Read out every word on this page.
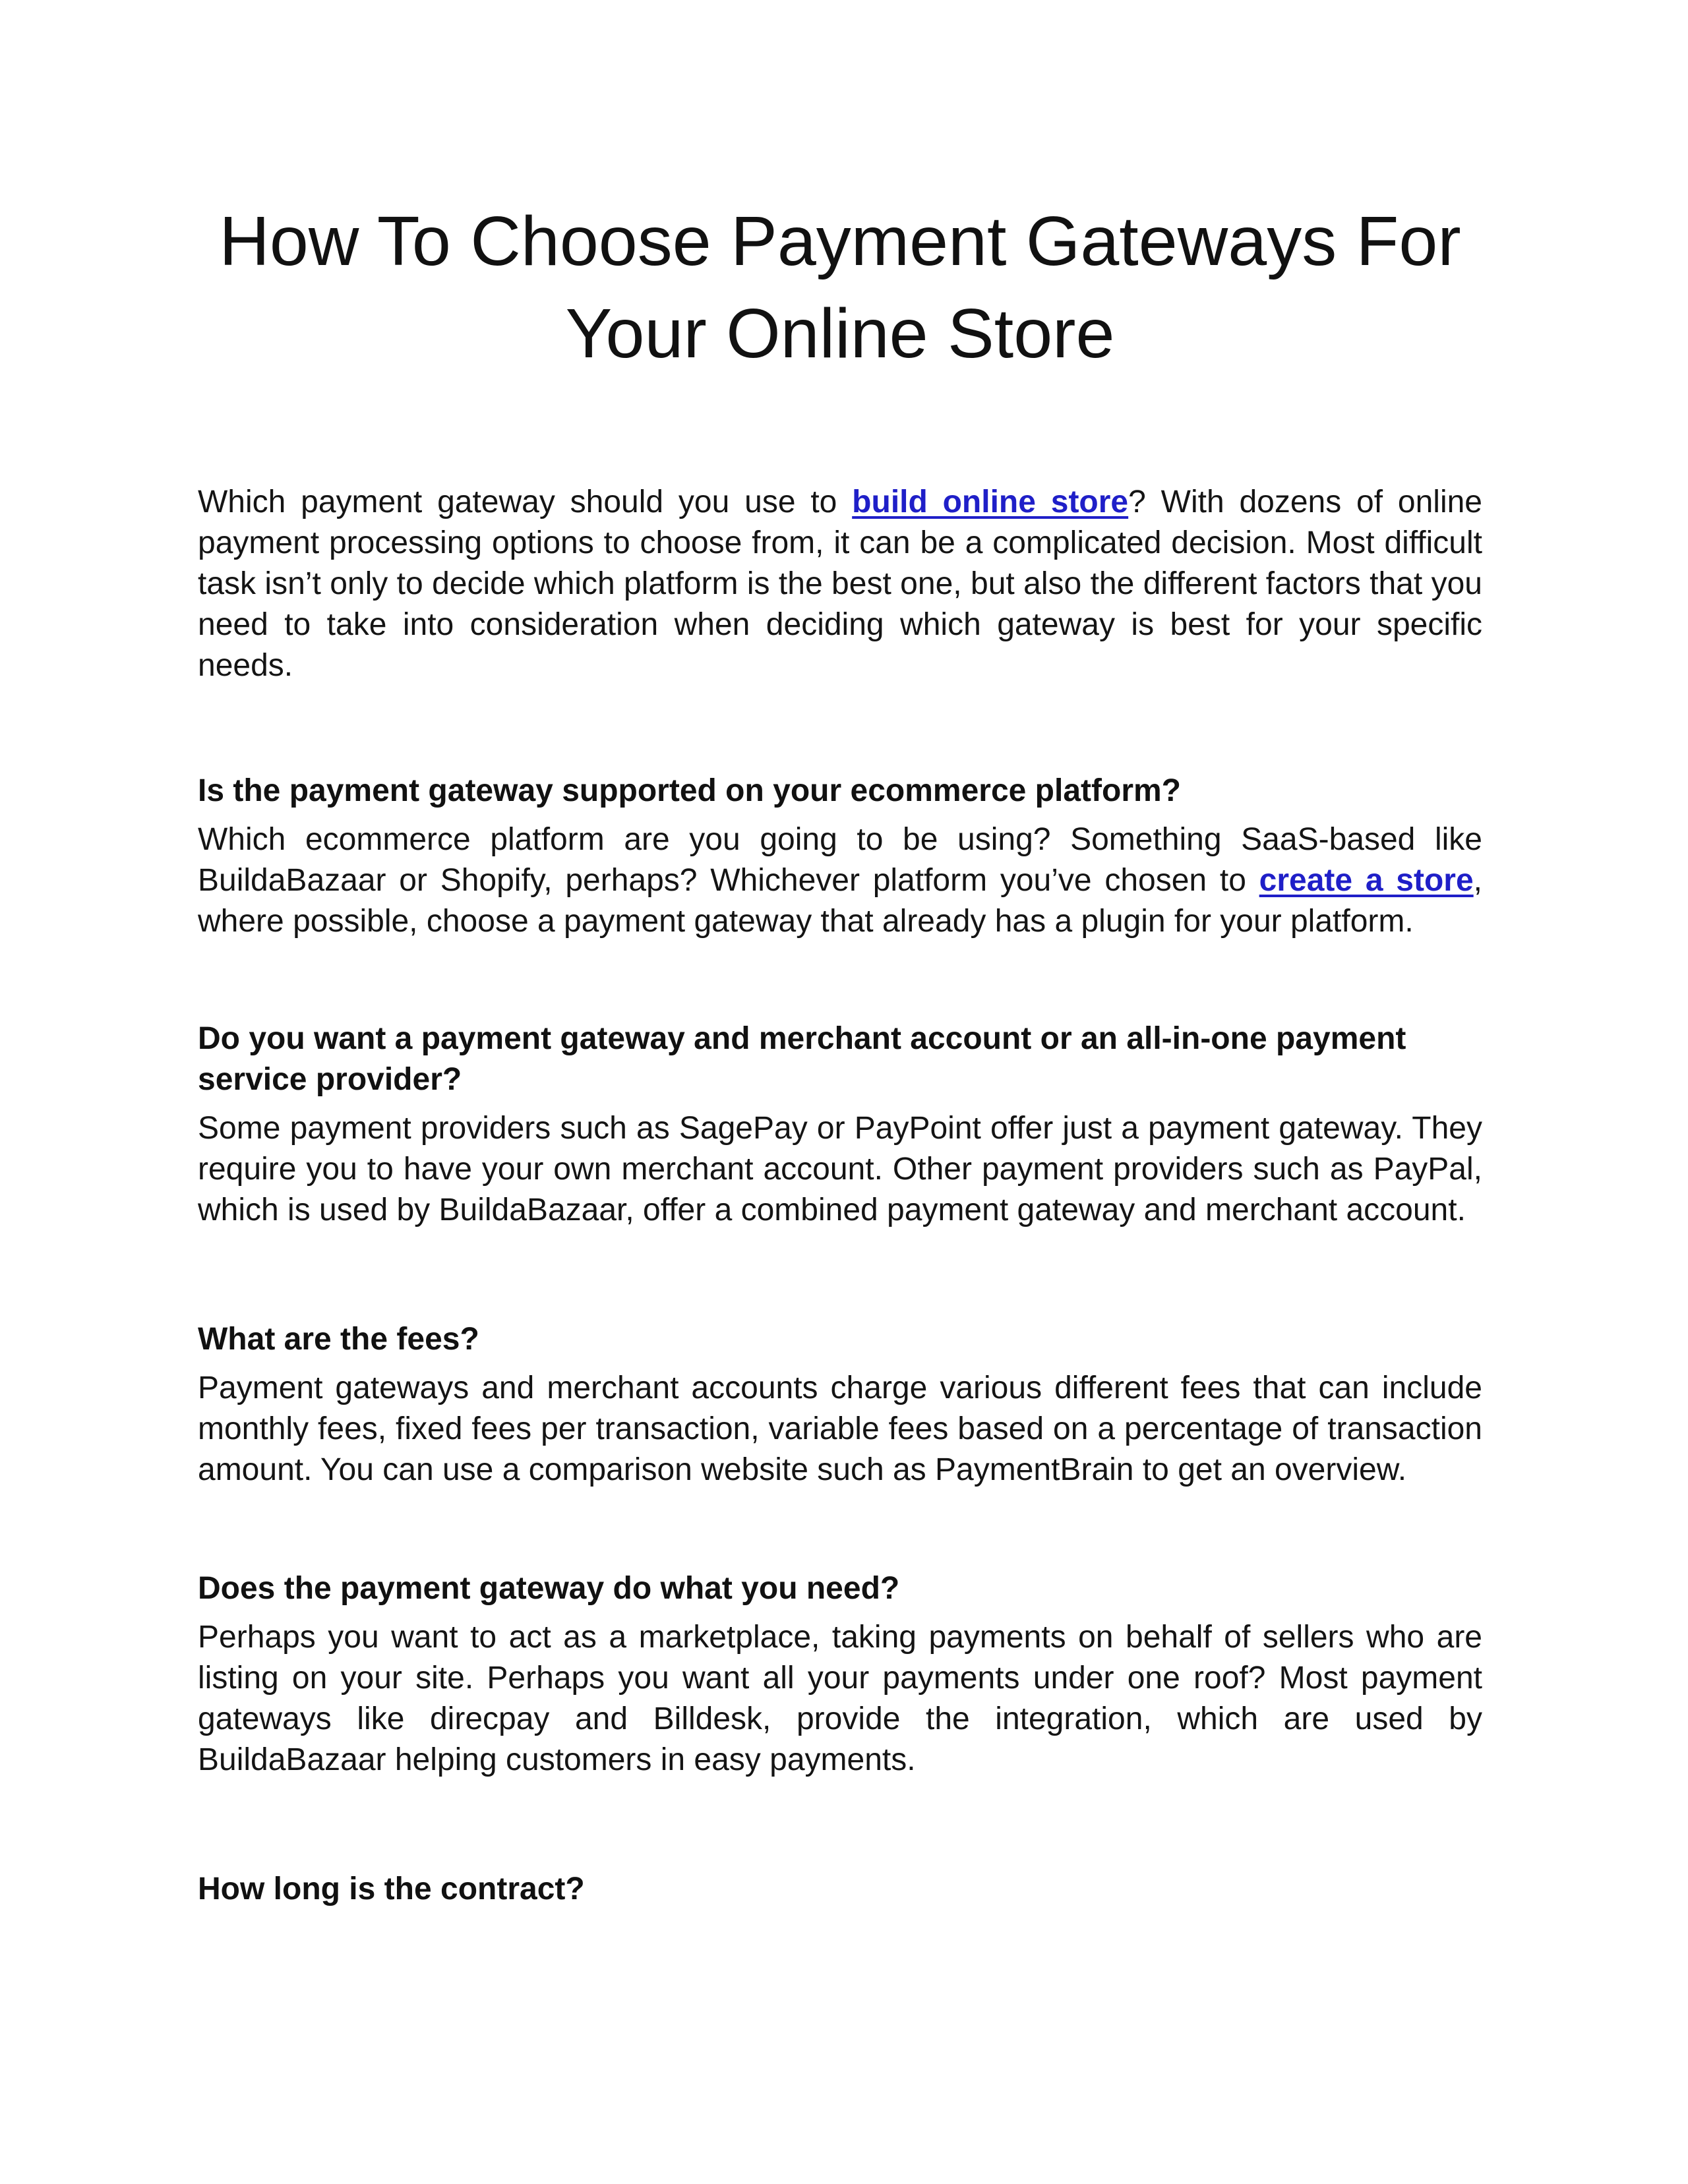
How To Choose Payment Gateways For
Your Online Store

Which payment gateway should you use to build online store? With dozens of online payment processing options to choose from, it can be a complicated decision. Most difficult task isn’t only to decide which platform is the best one, but also the different factors that you need to take into consideration when deciding which gateway is best for your specific needs.

Is the payment gateway supported on your ecommerce platform?

Which ecommerce platform are you going to be using? Something SaaS-based like BuildaBazaar or Shopify, perhaps? Whichever platform you’ve chosen to create a store, where possible, choose a payment gateway that already has a plugin for your platform.

Do you want a payment gateway and merchant account or an all-in-one payment service provider?

Some payment providers such as SagePay or PayPoint offer just a payment gateway. They require you to have your own merchant account. Other payment providers such as PayPal, which is used by BuildaBazaar, offer a combined payment gateway and merchant account.

What are the fees?

Payment gateways and merchant accounts charge various different fees that can include monthly fees, fixed fees per transaction, variable fees based on a percentage of transaction amount. You can use a comparison website such as PaymentBrain to get an overview.

Does the payment gateway do what you need?

Perhaps you want to act as a marketplace, taking payments on behalf of sellers who are listing on your site. Perhaps you want all your payments under one roof? Most payment gateways like direcpay and Billdesk, provide the integration, which are used by BuildaBazaar helping customers in easy payments.

How long is the contract?
